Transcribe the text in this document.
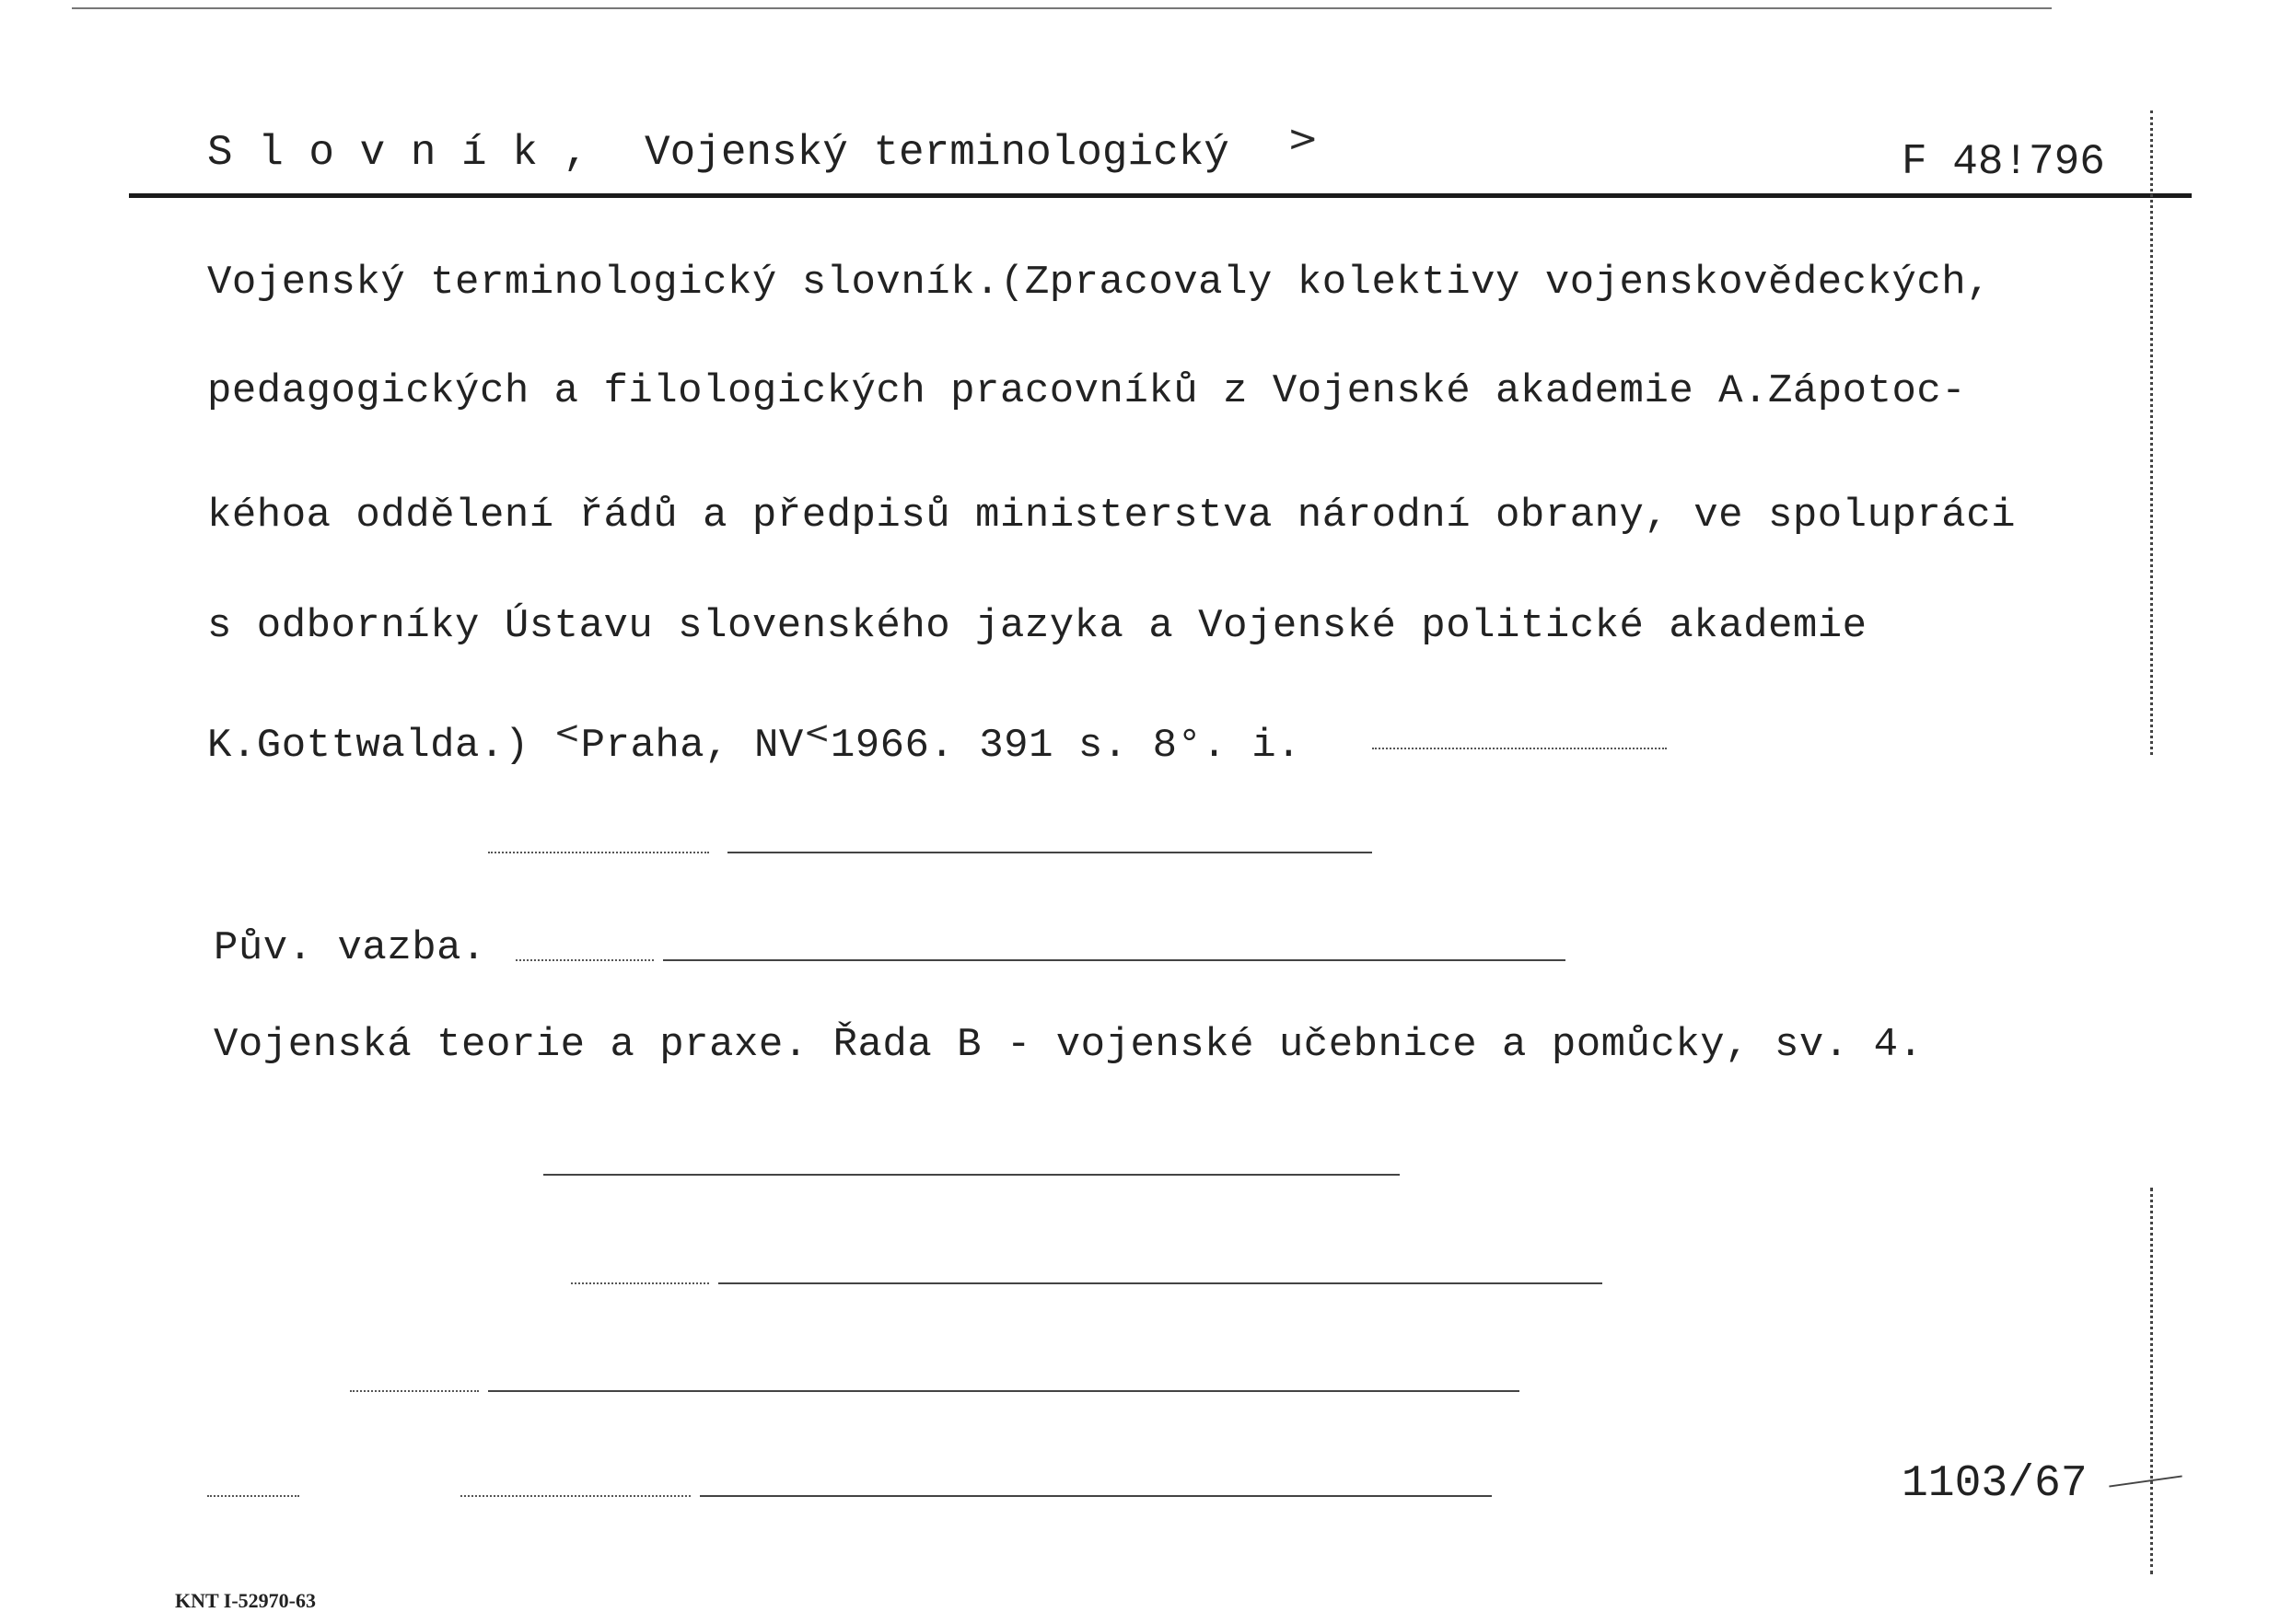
S l o v n í k , Vojenský terminologický >	F 48!796
Vojenský terminologický slovník.(Zpracovaly kolektivy vojenskovědeckých,
pedagogických a filologických pracovníků z Vojenské akademie A.Zápotoc-
kéhoa oddělení řádů a předpisů ministerstva národní obrany, ve spolupráci
s odborníky Ústavu slovenského jazyka a Vojenské politické akademie
K.Gottwalda.) <Praha, NV<1966. 391 s. 8°. i.
Pův. vazba.
Vojenská teorie a praxe. Řada B - vojenské učebnice a pomůcky, sv. 4.
1103/67
KNT I-52970-63
